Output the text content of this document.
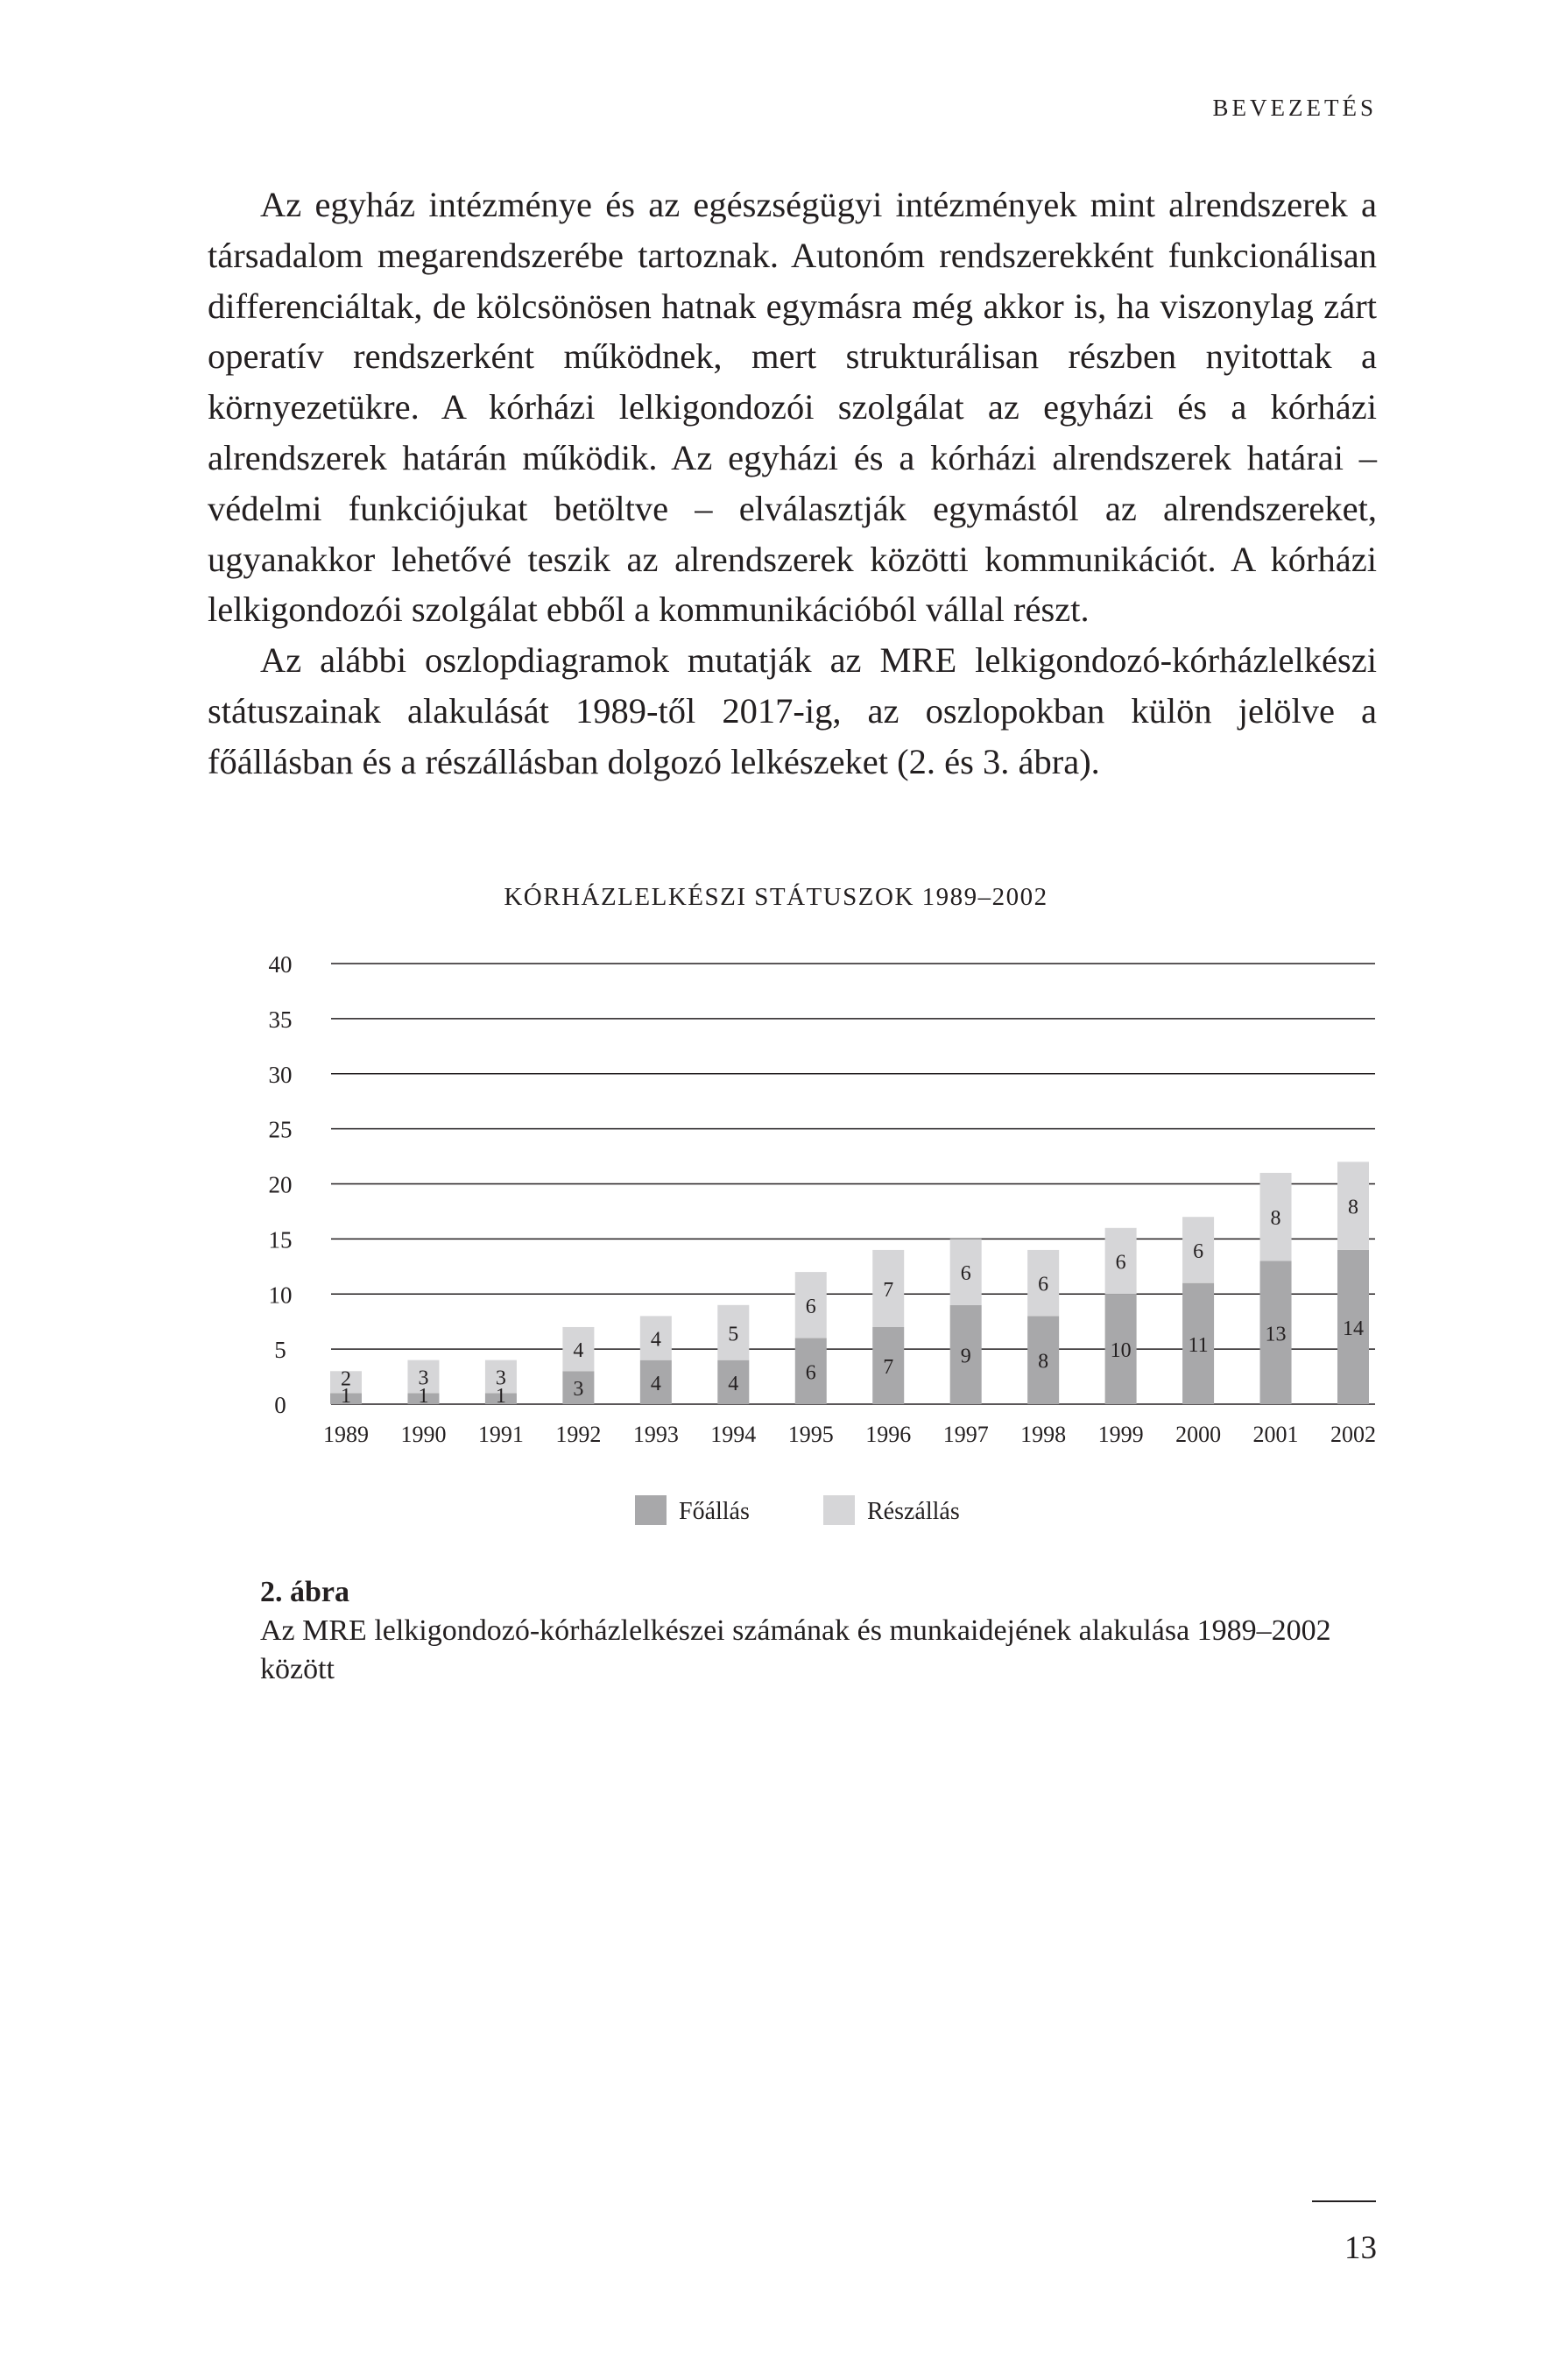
BEVEZETÉS

Az egyház intézménye és az egészségügyi intézmények mint alrendszerek a társadalom megarendszerébe tartoznak. Autonóm rendszerekként funkcionálisan differenciáltak, de kölcsönösen hatnak egymásra még akkor is, ha viszonylag zárt operatív rendszerként működnek, mert strukturálisan részben nyitottak a környezetükre. A kórházi lelkigondozói szolgálat az egyházi és a kórházi alrendszerek határán működik. Az egyházi és a kórházi alrendszerek határai – védelmi funkciójukat betöltve – elválasztják egymástól az alrendszereket, ugyanakkor lehetővé teszik az alrendszerek közötti kommunikációt. A kórházi lelkigondozói szolgálat ebből a kommunikációból vállal részt.

Az alábbi oszlopdiagramok mutatják az MRE lelkigondozó-kórházlelkészi státuszainak alakulását 1989-től 2017-ig, az oszlopokban külön jelölve a főállásban és a részállásban dolgozó lelkészeket (2. és 3. ábra).

KÓRHÁZLELKÉSZI STÁTUSZOK 1989–2002
0
5
10
15
20
25
30
35
40
1
2
1989
1
3
1990
1
3
1991
3
4
1992
4
4
1993
4
5
1994
6
6
1995
7
7
1996
9
6
1997
8
6
1998
10
6
1999
11
6
2000
13
8
2001
14
8
2002
Főállás	Részállás
2. ábra
Az MRE lelkigondozó-kórházlelkészei számának és munkaidejének alakulása 1989–2002 között
13
